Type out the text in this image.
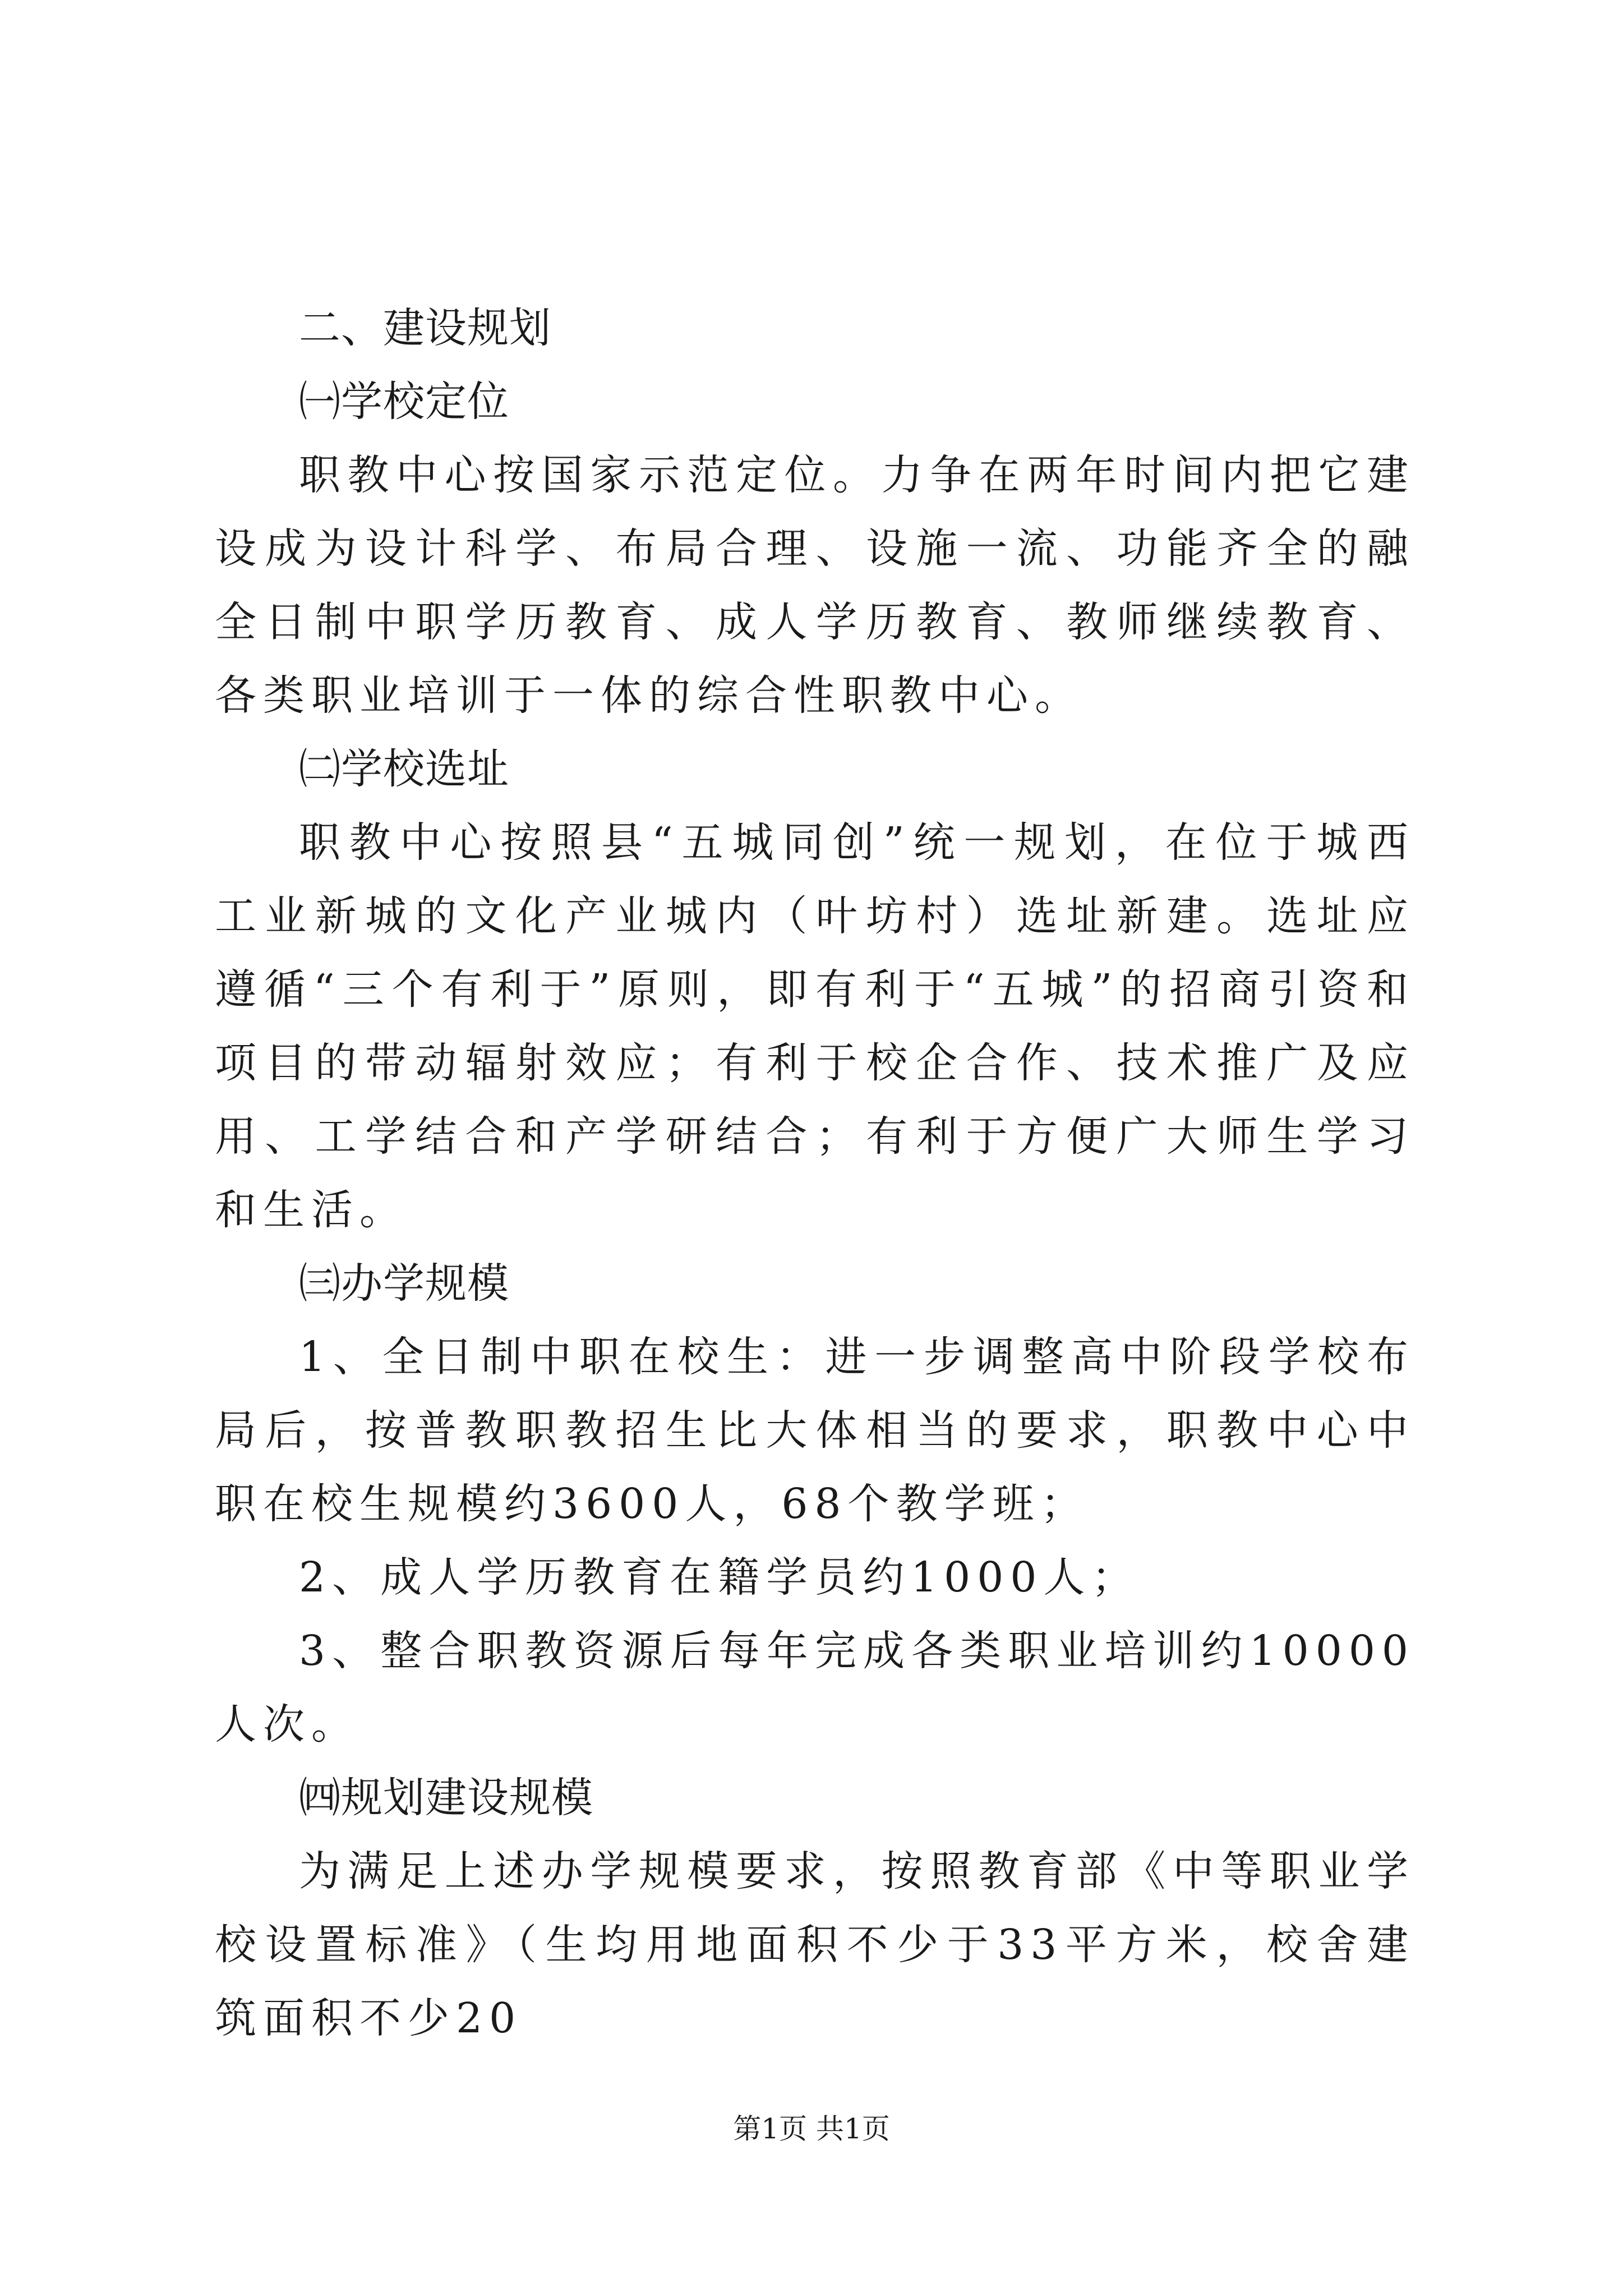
二、建设规划

㈠学校定位

职教中心按国家示范定位。力争在两年时间内把它建设成为设计科学、布局合理、设施一流、功能齐全的融全日制中职学历教育、成人学历教育、教师继续教育、各类职业培训于一体的综合性职教中心。

㈡学校选址

职教中心按照县“五城同创”统一规划，在位于城西工业新城的文化产业城内（叶坊村）选址新建。选址应遵循“三个有利于”原则，即有利于“五城”的招商引资和项目的带动辐射效应；有利于校企合作、技术推广及应用、工学结合和产学研结合；有利于方便广大师生学习和生活。

㈢办学规模

1、全日制中职在校生：进一步调整高中阶段学校布局后，按普教职教招生比大体相当的要求，职教中心中职在校生规模约3600人，68个教学班；

2、成人学历教育在籍学员约1000人；

3、整合职教资源后每年完成各类职业培训约10000人次。

㈣规划建设规模

为满足上述办学规模要求，按照教育部《中等职业学校设置标准》（生均用地面积不少于33平方米，校舍建筑面积不少20

第1页 共1页
